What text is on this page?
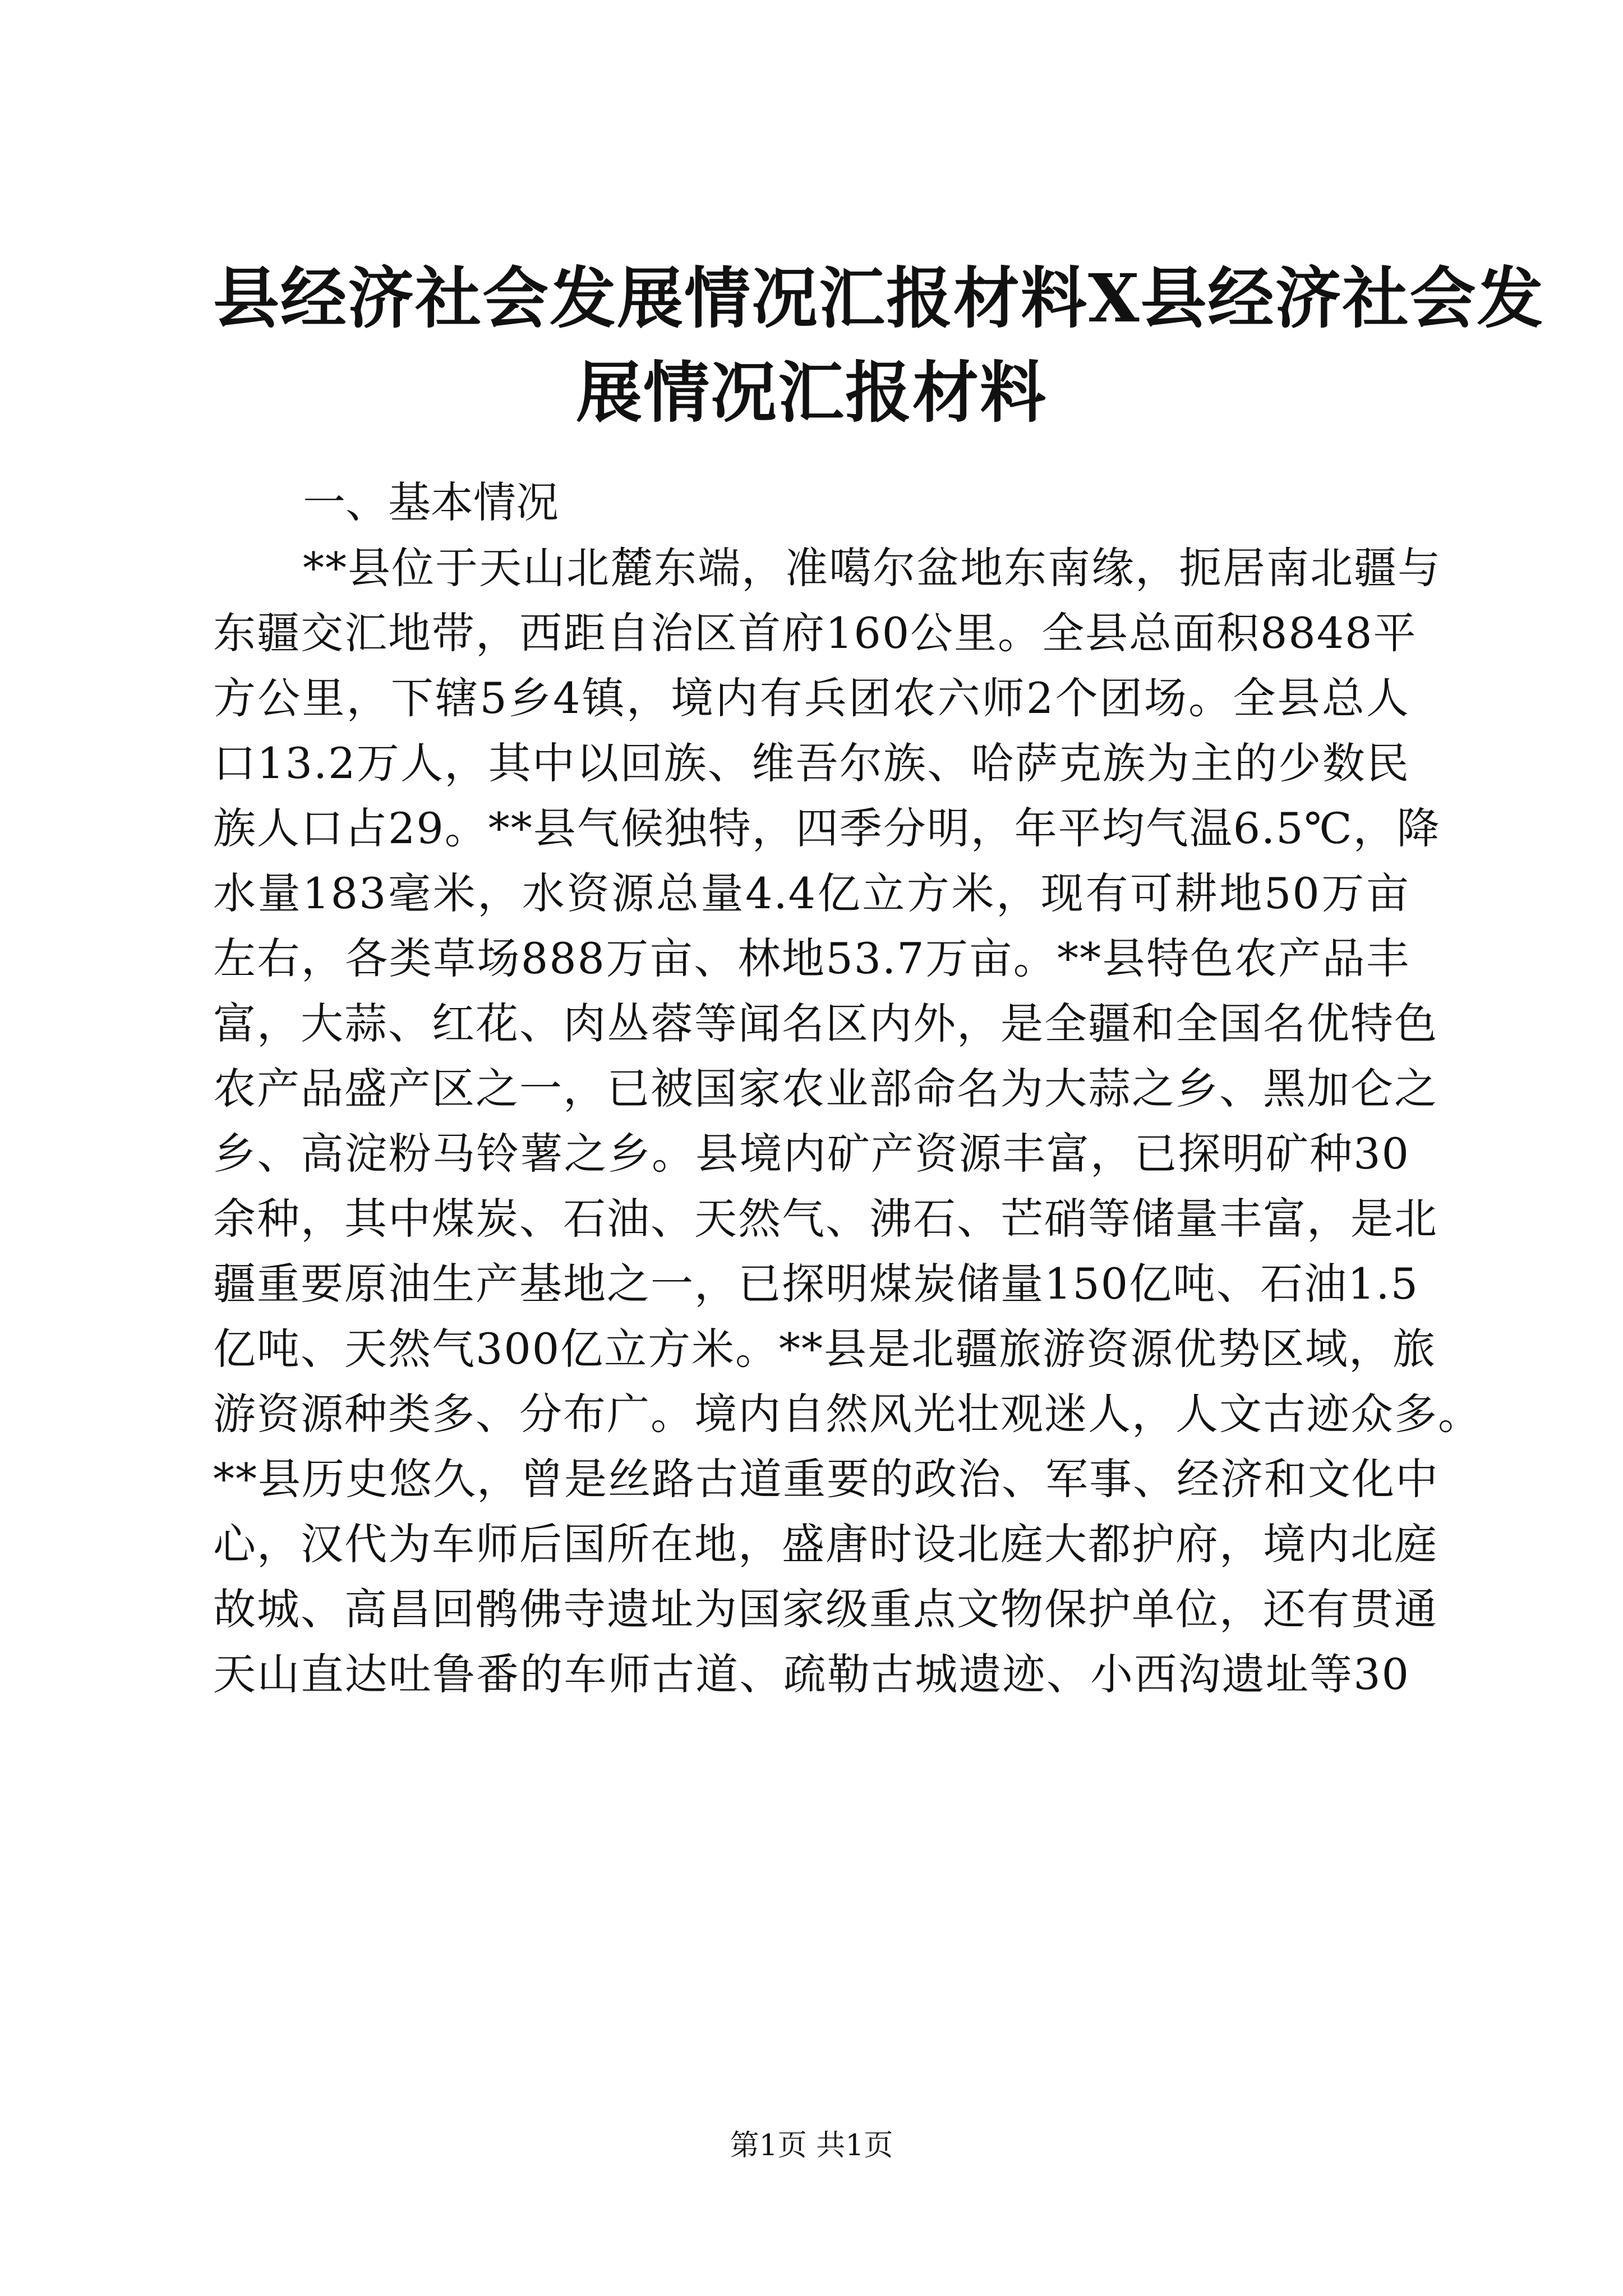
县经济社会发展情况汇报材料X县经济社会发

展情况汇报材料

一、基本情况

**县位于天山北麓东端，准噶尔盆地东南缘，扼居南北疆与
东疆交汇地带，西距自治区首府160公里。全县总面积8848平
方公里，下辖5乡4镇，境内有兵团农六师2个团场。全县总人
口13.2万人，其中以回族、维吾尔族、哈萨克族为主的少数民
族人口占29。**县气候独特，四季分明，年平均气温6.5℃，降
水量183毫米，水资源总量4.4亿立方米，现有可耕地50万亩
左右，各类草场888万亩、林地53.7万亩。**县特色农产品丰
富，大蒜、红花、肉丛蓉等闻名区内外，是全疆和全国名优特色
农产品盛产区之一，已被国家农业部命名为大蒜之乡、黑加仑之
乡、高淀粉马铃薯之乡。县境内矿产资源丰富，已探明矿种30
余种，其中煤炭、石油、天然气、沸石、芒硝等储量丰富，是北
疆重要原油生产基地之一，已探明煤炭储量150亿吨、石油1.5
亿吨、天然气300亿立方米。**县是北疆旅游资源优势区域，旅
游资源种类多、分布广。境内自然风光壮观迷人，人文古迹众多。
**县历史悠久，曾是丝路古道重要的政治、军事、经济和文化中
心，汉代为车师后国所在地，盛唐时设北庭大都护府，境内北庭
故城、高昌回鹘佛寺遗址为国家级重点文物保护单位，还有贯通
天山直达吐鲁番的车师古道、疏勒古城遗迹、小西沟遗址等30
第1页 共1页
